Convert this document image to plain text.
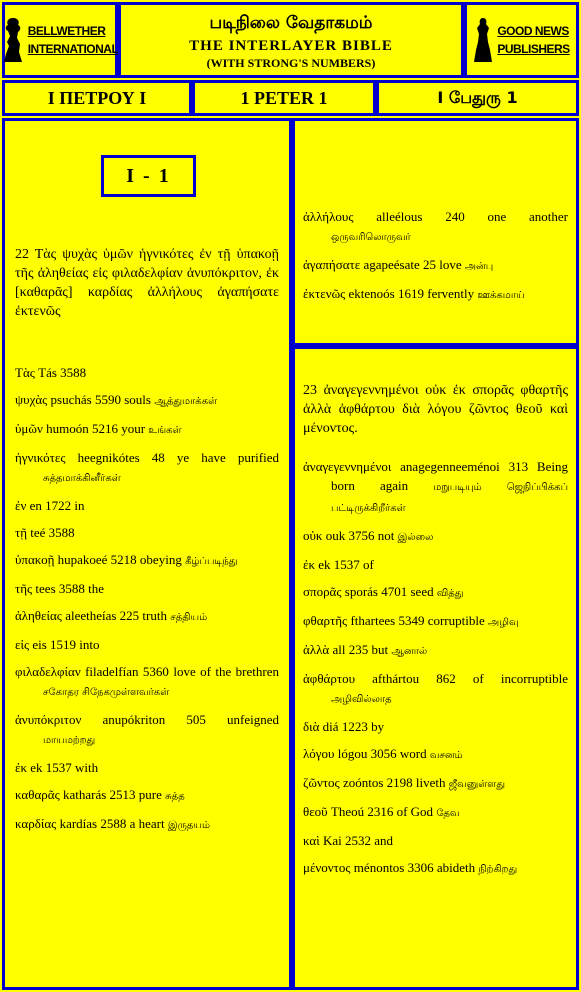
BELLWETHER
INTERNATIONAL
படிநிலை வேதாகமம்
THE INTERLAYER BIBLE
(WITH STRONG'S NUMBERS)
GOOD NEWS
PUBLISHERS
Ι ΠΕΤΡΟΥ Ι	1 PETER 1	I பேதுரு 1
I - 1
22 Τὰς ψυχὰς ὑμῶν ἡγνικότες ἐν τῇ ὑπακοῇ τῆς ἀληθείας εἰς φιλαδελφίαν ἀνυπόκριτον, ἐκ [καθαρᾶς] καρδίας ἀλλήλους ἀγαπήσατε ἐκτενῶς
Τὰς Tás 3588
ψυχὰς psuchás 5590 souls ஆத்துமாக்கள்
ὑμῶν humoón 5216 your உங்கள்
ἡγνικότες heegnikótes 48 ye have purified சுத்தமாக்கினீர்கள்
ἐν en 1722 in
τῇ teé 3588
ὑπακοῇ hupakoeé 5218 obeying கீழ்ப்படிந்து
τῆς tees 3588 the
ἀληθείας aleetheías 225 truth சத்தியம்
εἰς eis 1519 into
φιλαδελφίαν filadelfían 5360 love of the brethren சகோதர சிநேகமுள்ளவர்கள்
ἀνυπόκριτον anupókriton 505 unfeigned மாயமற்றது
ἐκ ek 1537 with
καθαρᾶς katharás 2513 pure சுத்த
καρδίας kardías 2588 a heart இருதயம்
ἀλλήλους alleélous 240 one another ஒருவரிலொருவர்
ἀγαπήσατε agapeésate 25 love அன்பு
ἐκτενῶς ektenoós 1619 fervently ஊக்கமாய்
23 ἀναγεγεννημένοι οὐκ ἐκ σπορᾶς φθαρτῆς ἀλλὰ ἀφθάρτου διὰ λόγου ζῶντος θεοῦ καὶ μένοντος.
ἀναγεγεννημένοι anagegenneeménoi 313 Being born again	மறுபடியும் ஜெநிப்பிக்கப் பட்டிருக்கிறீர்கள்
οὐκ ouk 3756 not இல்லை
ἐκ ek 1537 of
σπορᾶς sporás 4701 seed வித்து
φθαρτῆς fthartees 5349 corruptible அழிவு
ἀλλὰ all 235 but ஆனால்
ἀφθάρτου afthártou 862 of incorruptible அழிவில்லாத
διὰ diá 1223 by
λόγου lógou 3056 word வசனம்
ζῶντος zoóntos 2198 liveth ஜீவனுள்ளது
θεοῦ Theoú 2316 of God தேவ
καὶ Kai 2532 and
μένοντος ménontos 3306 abideth நிற்கிறது
